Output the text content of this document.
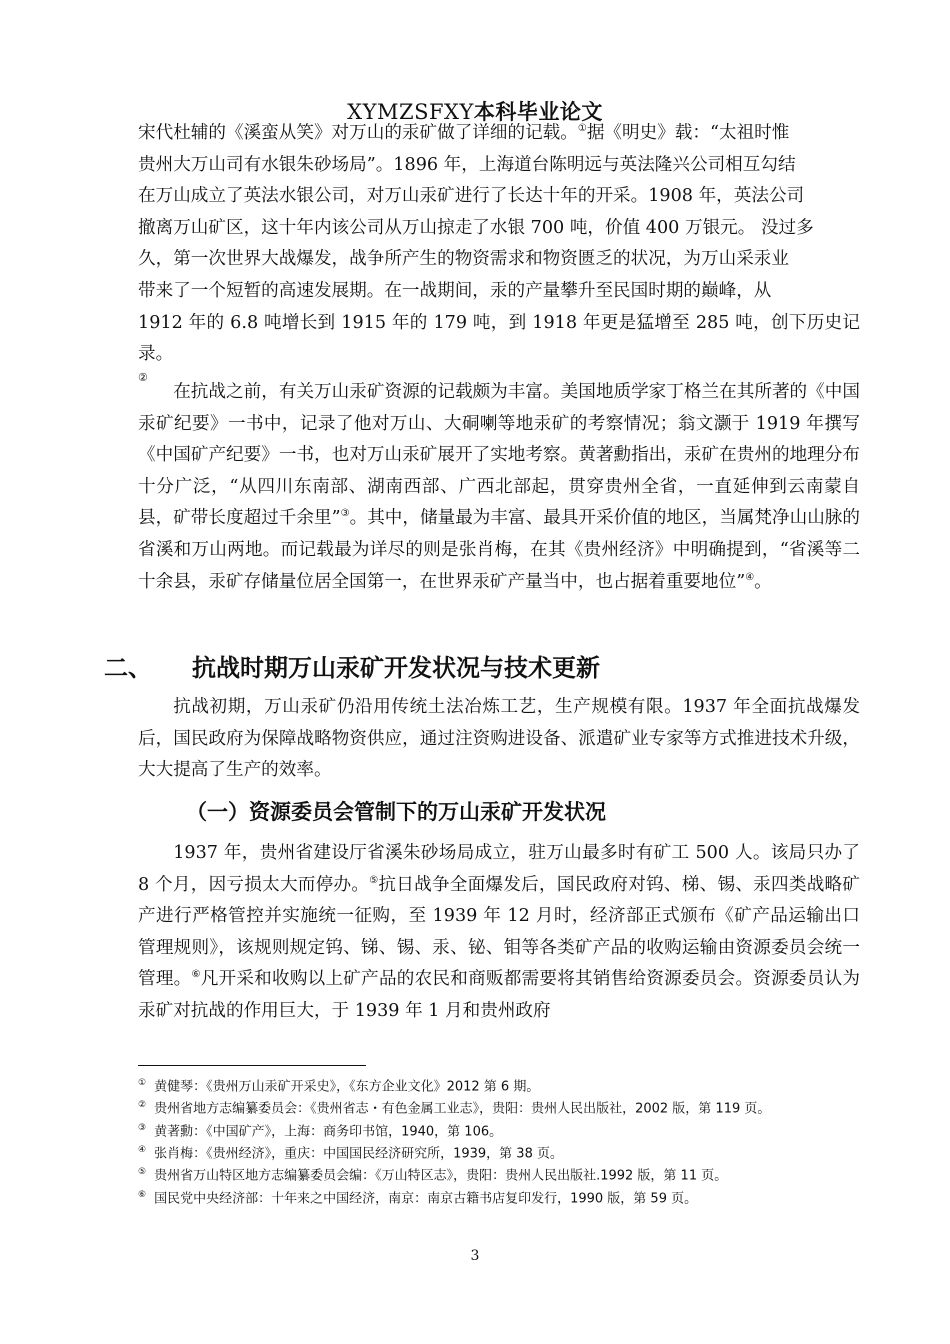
XYMZSFXY本科毕业论文
宋代杜辅的《溪蛮从笑》对万山的汞矿做了详细的记载。①据《明史》载：“太祖时惟
贵州大万山司有水银朱砂场局”。1896 年，上海道台陈明远与英法隆兴公司相互勾结
在万山成立了英法水银公司，对万山汞矿进行了长达十年的开采。1908 年，英法公司
撤离万山矿区，这十年内该公司从万山掠走了水银 700 吨，价值 400 万银元。 没过多
久，第一次世界大战爆发，战争所产生的物资需求和物资匮乏的状况，为万山采汞业
带来了一个短暂的高速发展期。在一战期间，汞的产量攀升至民国时期的巅峰，从
1912 年的 6.8 吨增长到 1915 年的 179 吨，到 1918 年更是猛增至 285 吨，创下历史记录。
②

在抗战之前，有关万山汞矿资源的记载颇为丰富。美国地质学家丁格兰在其所著的《中国汞矿纪要》一书中，记录了他对万山、大硐喇等地汞矿的考察情况；翁文灏于 1919 年撰写《中国矿产纪要》一书，也对万山汞矿展开了实地考察。黄著勳指出，汞矿在贵州的地理分布十分广泛，“从四川东南部、湖南西部、广西北部起，贯穿贵州全省，一直延伸到云南蒙自县，矿带长度超过千余里”③。其中，储量最为丰富、最具开采价值的地区，当属梵净山山脉的省溪和万山两地。而记载最为详尽的则是张肖梅，在其《贵州经济》中明确提到，“省溪等二十余县，汞矿存储量位居全国第一，在世界汞矿产量当中，也占据着重要地位”④。

二、 抗战时期万山汞矿开发状况与技术更新

抗战初期，万山汞矿仍沿用传统土法冶炼工艺，生产规模有限。1937 年全面抗战爆发后，国民政府为保障战略物资供应，通过注资购进设备、派遣矿业专家等方式推进技术升级，大大提高了生产的效率。

（一）资源委员会管制下的万山汞矿开发状况

1937 年，贵州省建设厅省溪朱砂场局成立，驻万山最多时有矿工 500 人。该局只办了 8 个月，因亏损太大而停办。⑤抗日战争全面爆发后，国民政府对钨、梯、锡、汞四类战略矿产进行严格管控并实施统一征购，至 1939 年 12 月时，经济部正式颁布《矿产品运输出口管理规则》，该规则规定钨、锑、锡、汞、铋、钼等各类矿产品的收购运输由资源委员会统一管理。⑥凡开采和收购以上矿产品的农民和商贩都需要将其销售给资源委员会。资源委员认为汞矿对抗战的作用巨大，于 1939 年 1 月和贵州政府

① 黄健琴：《贵州万山汞矿开采史》，《东方企业文化》2012 第 6 期。

② 贵州省地方志编纂委员会：《贵州省志・有色金属工业志》，贵阳：贵州人民出版社，2002 版，第 119 页。

③ 黄著勳：《中国矿产》，上海：商务印书馆，1940，第 106。

④ 张肖梅：《贵州经济》，重庆：中国国民经济研究所，1939，第 38 页。

⑤ 贵州省万山特区地方志编纂委员会编：《万山特区志》，贵阳：贵州人民出版社.1992 版，第 11 页。

⑥ 国民党中央经济部：十年来之中国经济，南京：南京古籍书店复印发行，1990 版，第 59 页。

3
